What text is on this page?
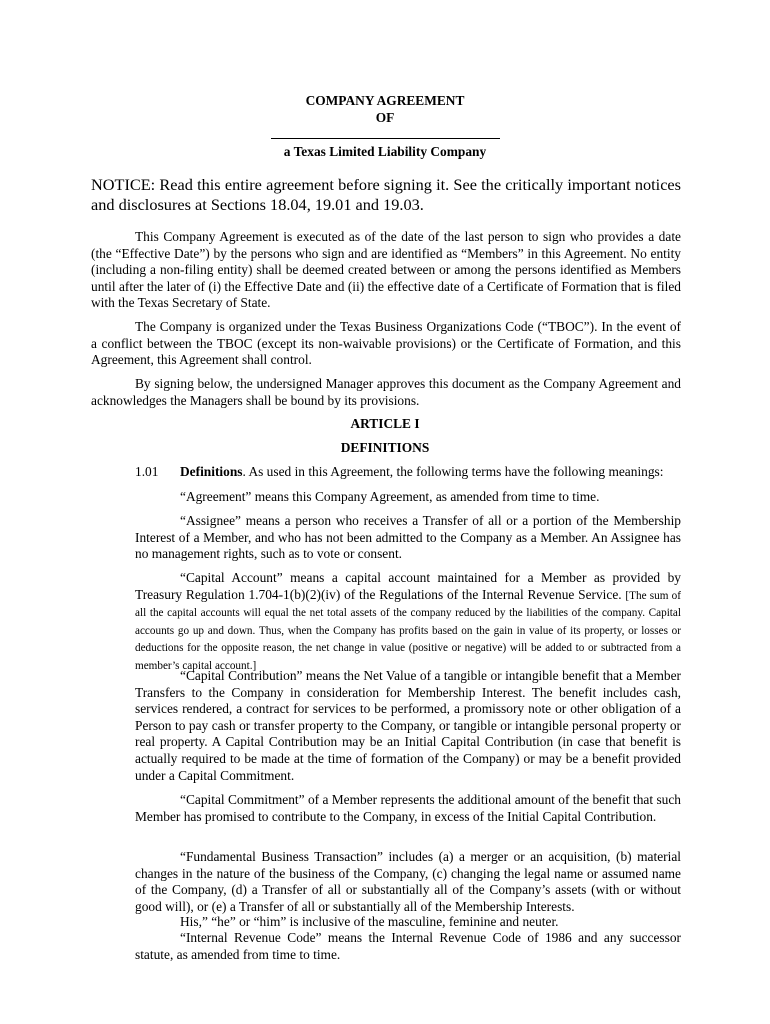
COMPANY AGREEMENT
OF
a Texas Limited Liability Company
NOTICE: Read this entire agreement before signing it. See the critically important notices and disclosures at Sections 18.04, 19.01 and 19.03.

This Company Agreement is executed as of the date of the last person to sign who provides a date (the “Effective Date”) by the persons who sign and are identified as “Members” in this Agreement. No entity (including a non-filing entity) shall be deemed created between or among the persons identified as Members until after the later of (i) the Effective Date and (ii) the effective date of a Certificate of Formation that is filed with the Texas Secretary of State.

The Company is organized under the Texas Business Organizations Code (“TBOC”). In the event of a conflict between the TBOC (except its non-waivable provisions) or the Certificate of Formation, and this Agreement, this Agreement shall control.

By signing below, the undersigned Manager approves this document as the Company Agreement and acknowledges the Managers shall be bound by its provisions.

ARTICLE I
DEFINITIONS
1.01 Definitions. As used in this Agreement, the following terms have the following meanings:

“Agreement” means this Company Agreement, as amended from time to time.

“Assignee” means a person who receives a Transfer of all or a portion of the Membership Interest of a Member, and who has not been admitted to the Company as a Member. An Assignee has no management rights, such as to vote or consent.

“Capital Account” means a capital account maintained for a Member as provided by Treasury Regulation 1.704-1(b)(2)(iv) of the Regulations of the Internal Revenue Service. [The sum of all the capital accounts will equal the net total assets of the company reduced by the liabilities of the company. Capital accounts go up and down. Thus, when the Company has profits based on the gain in value of its property, or losses or deductions for the opposite reason, the net change in value (positive or negative) will be added to or subtracted from a member’s capital account.]

“Capital Contribution” means the Net Value of a tangible or intangible benefit that a Member Transfers to the Company in consideration for Membership Interest. The benefit includes cash, services rendered, a contract for services to be performed, a promissory note or other obligation of a Person to pay cash or transfer property to the Company, or tangible or intangible personal property or real property. A Capital Contribution may be an Initial Capital Contribution (in case that benefit is actually required to be made at the time of formation of the Company) or may be a benefit provided under a Capital Commitment.

“Capital Commitment” of a Member represents the additional amount of the benefit that such Member has promised to contribute to the Company, in excess of the Initial Capital Contribution.

“Fundamental Business Transaction” includes (a) a merger or an acquisition, (b) material changes in the nature of the business of the Company, (c) changing the legal name or assumed name of the Company, (d) a Transfer of all or substantially all of the Company’s assets (with or without good will), or (e) a Transfer of all or substantially all of the Membership Interests.

His,” “he” or “him” is inclusive of the masculine, feminine and neuter.

“Internal Revenue Code” means the Internal Revenue Code of 1986 and any successor statute, as amended from time to time.
